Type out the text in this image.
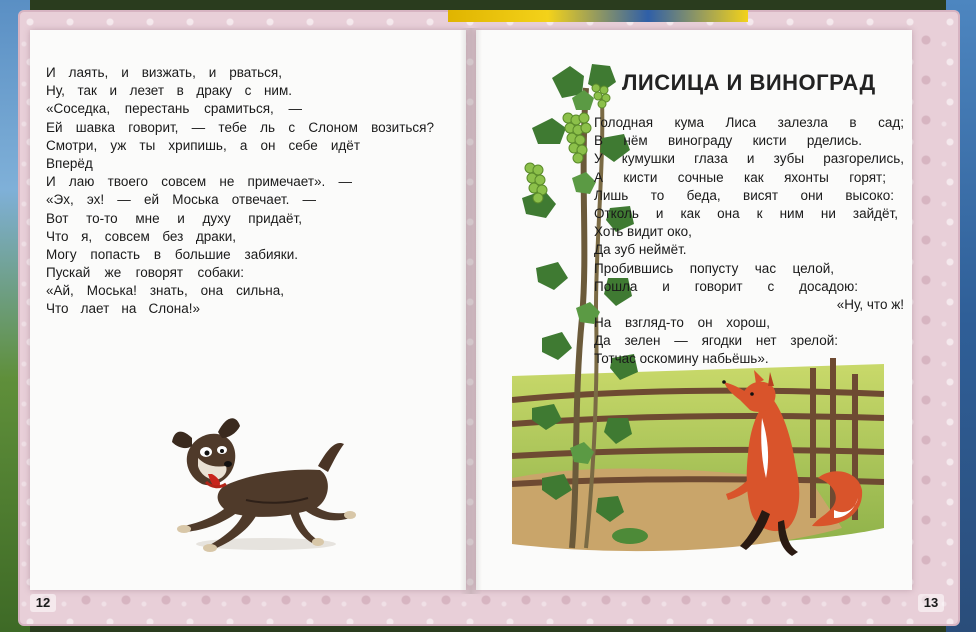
И лаять, и визжать, и рваться,
Ну, так и лезет в драку с ним.
«Соседка, перестань срамиться, —
Ей шавка говорит, — тебе ль с Слоном возиться?
Смотри, уж ты хрипишь, а он себе идёт
Вперёд
И лаю твоего совсем не примечает». —
«Эх, эх! — ей Моська отвечает. —
Вот то-то мне и духу придаёт,
Что я, совсем без драки,
Могу попасть в большие забияки.
Пускай же говорят собаки:
«Ай, Моська! знать, она сильна,
Что лает на Слона!»
ЛИСИЦА И ВИНОГРАД
Голодная кума Лиса залезла в сад;
В нём винограду кисти рделись.
У кумушки глаза и зубы разгорелись,
А кисти сочные как яхонты горят;
Лишь то беда, висят они высоко:
Отколь и как она к ним ни зайдёт,
Хоть видит око,
Да зуб неймёт.
Пробившись попусту час целой,
Пошла и говорит с досадою:
«Ну, что ж!
На взгляд-то он хорош,
Да зелен — ягодки нет зрелой:
Тотчас оскомину набьёшь».
12	13
